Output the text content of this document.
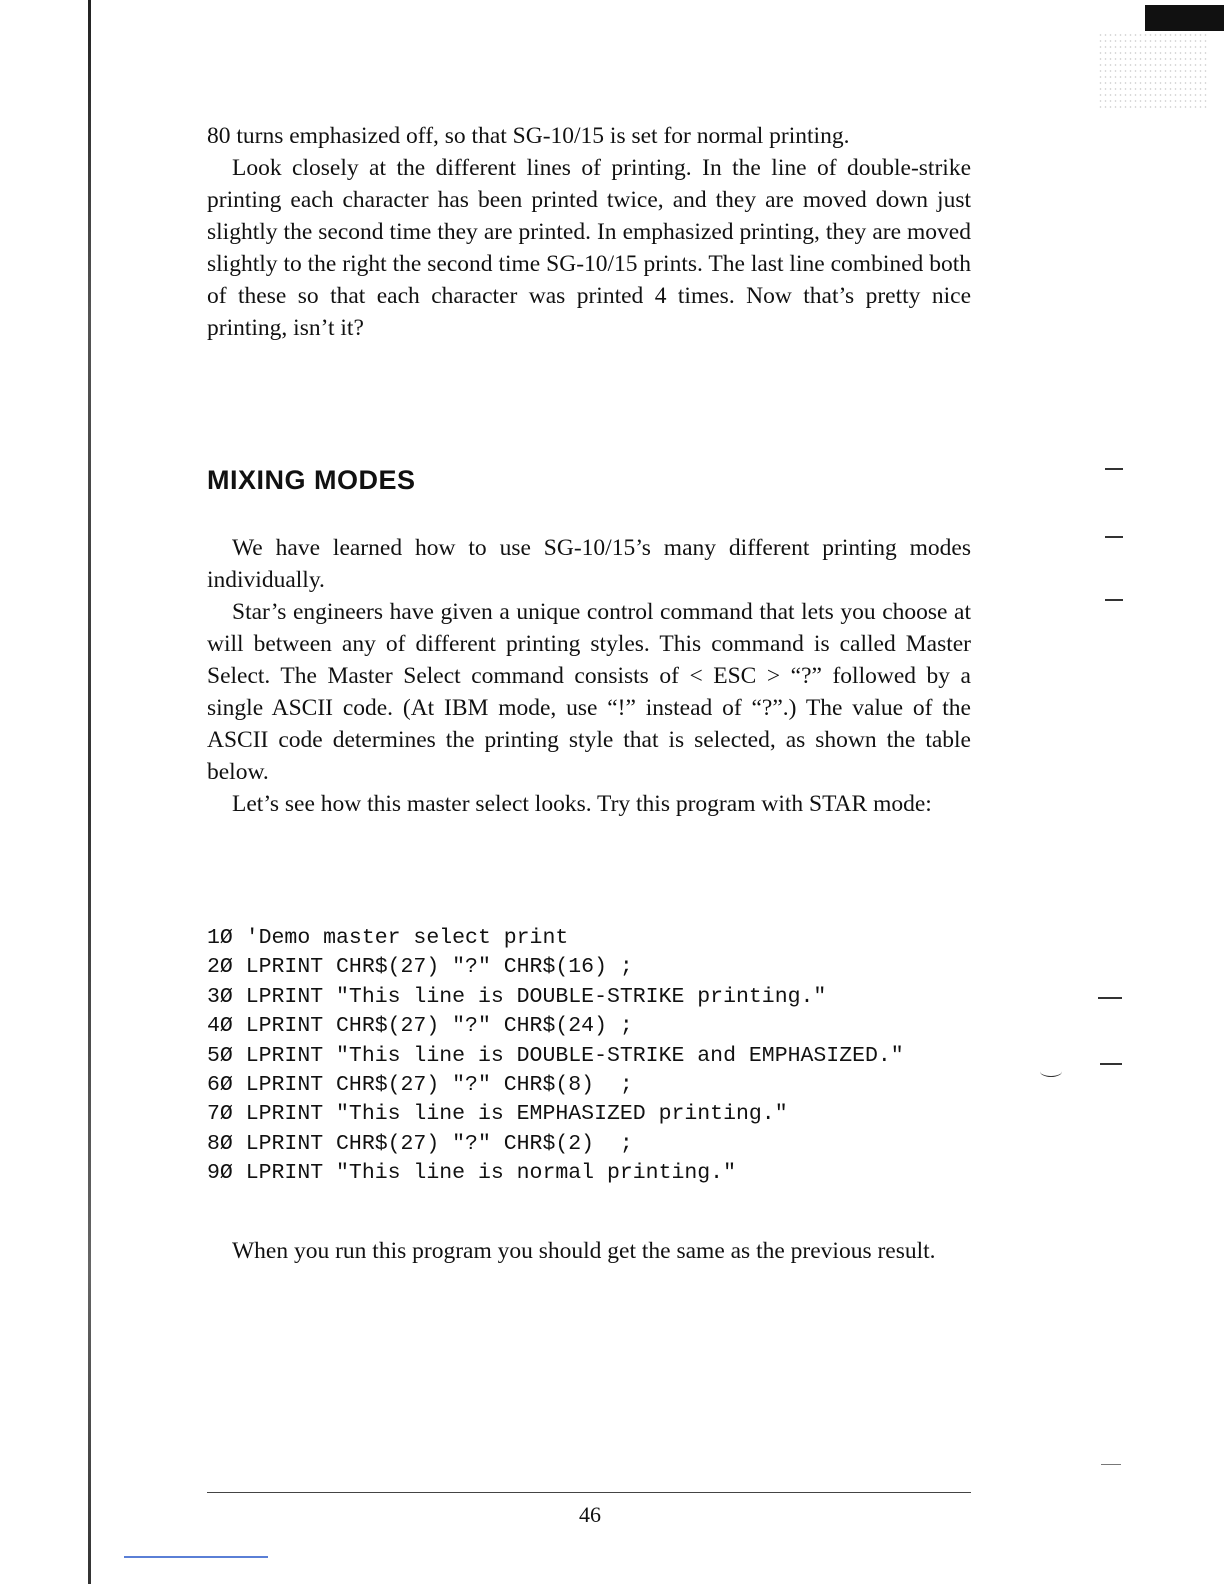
80 turns emphasized off, so that SG-10/15 is set for normal printing.

Look closely at the different lines of printing. In the line of double-strike printing each character has been printed twice, and they are moved down just slightly the second time they are printed. In emphasized printing, they are moved slightly to the right the second time SG-10/15 prints. The last line combined both of these so that each character was printed 4 times. Now that’s pretty nice printing, isn’t it?

MIXING MODES

We have learned how to use SG-10/15’s many different printing modes individually.

Star’s engineers have given a unique control command that lets you choose at will between any of different printing styles. This command is called Master Select. The Master Select command consists of < ESC > “?” followed by a single ASCII code. (At IBM mode, use “!” instead of “?”.) The value of the ASCII code determines the printing style that is selected, as shown the table below.

Let’s see how this master select looks. Try this program with STAR mode:

1Ø 'Demo master select print
2Ø LPRINT CHR$(27) "?" CHR$(16) ;
3Ø LPRINT "This line is DOUBLE-STRIKE printing."
4Ø LPRINT CHR$(27) "?" CHR$(24) ;
5Ø LPRINT "This line is DOUBLE-STRIKE and EMPHASIZED."
6Ø LPRINT CHR$(27) "?" CHR$(8)  ;
7Ø LPRINT "This line is EMPHASIZED printing."
8Ø LPRINT CHR$(27) "?" CHR$(2)  ;
9Ø LPRINT "This line is normal printing."

When you run this program you should get the same as the previous result.

46
